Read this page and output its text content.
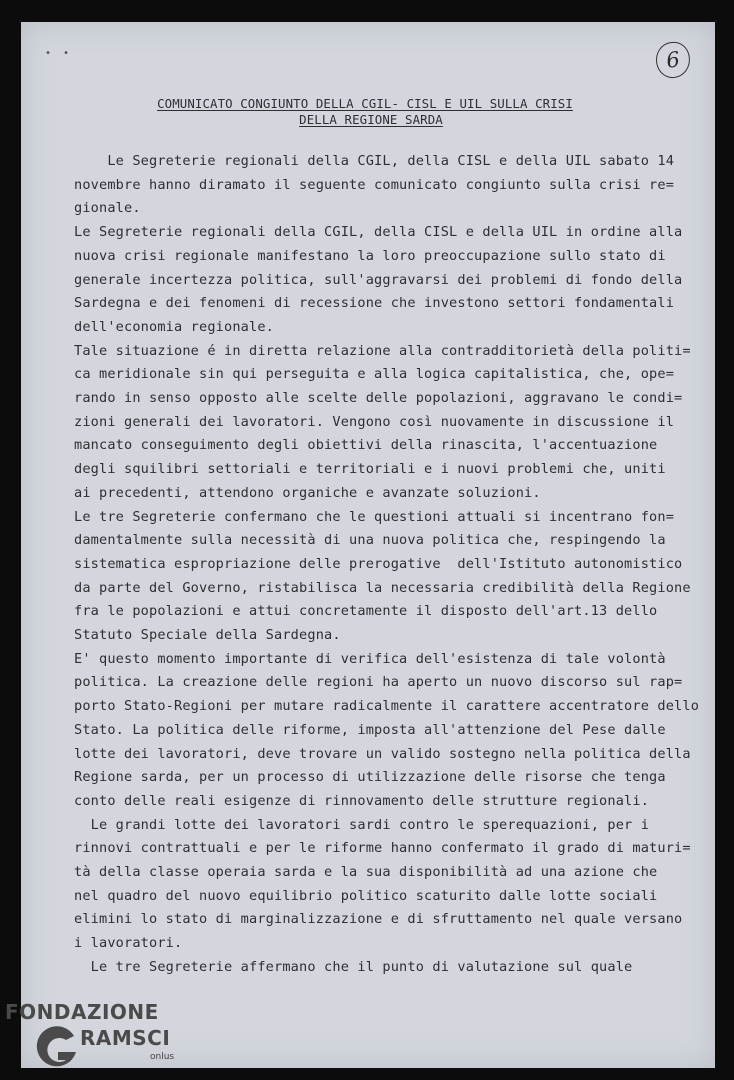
• •	6
COMUNICATO CONGIUNTO DELLA CGIL- CISL E UIL SULLA CRISI
DELLA REGIONE SARDA
Le Segreterie regionali della CGIL, della CISL e della UIL sabato 14
novembre hanno diramato il seguente comunicato congiunto sulla crisi re=
gionale.
Le Segreterie regionali della CGIL, della CISL e della UIL in ordine alla
nuova crisi regionale manifestano la loro preoccupazione sullo stato di
generale incertezza politica, sull'aggravarsi dei problemi di fondo della
Sardegna e dei fenomeni di recessione che investono settori fondamentali
dell'economia regionale.
Tale situazione é in diretta relazione alla contradditorietà della politi=
ca meridionale sin qui perseguita e alla logica capitalistica, che, ope=
rando in senso opposto alle scelte delle popolazioni, aggravano le condi=
zioni generali dei lavoratori. Vengono così nuovamente in discussione il
mancato conseguimento degli obiettivi della rinascita, l'accentuazione
degli squilibri settoriali e territoriali e i nuovi problemi che, uniti
ai precedenti, attendono organiche e avanzate soluzioni.
Le tre Segreterie confermano che le questioni attuali si incentrano fon=
damentalmente sulla necessità di una nuova politica che, respingendo la
sistematica espropriazione delle prerogative  dell'Istituto autonomistico
da parte del Governo, ristabilisca la necessaria credibilità della Regione
fra le popolazioni e attui concretamente il disposto dell'art.13 dello
Statuto Speciale della Sardegna.
E' questo momento importante di verifica dell'esistenza di tale volontà
politica. La creazione delle regioni ha aperto un nuovo discorso sul rap=
porto Stato-Regioni per mutare radicalmente il carattere accentratore dello
Stato. La politica delle riforme, imposta all'attenzione del Pese dalle
lotte dei lavoratori, deve trovare un valido sostegno nella politica della
Regione sarda, per un processo di utilizzazione delle risorse che tenga
conto delle reali esigenze di rinnovamento delle strutture regionali.
Le grandi lotte dei lavoratori sardi contro le sperequazioni, per i
rinnovi contrattuali e per le riforme hanno confermato il grado di maturi=
tà della classe operaia sarda e la sua disponibilità ad una azione che
nel quadro del nuovo equilibrio politico scaturito dalle lotte sociali
elimini lo stato di marginalizzazione e di sfruttamento nel quale versano
i lavoratori.
Le tre Segreterie affermano che il punto di valutazione sul quale
FONDAZIONE
RAMSCI
onlus
